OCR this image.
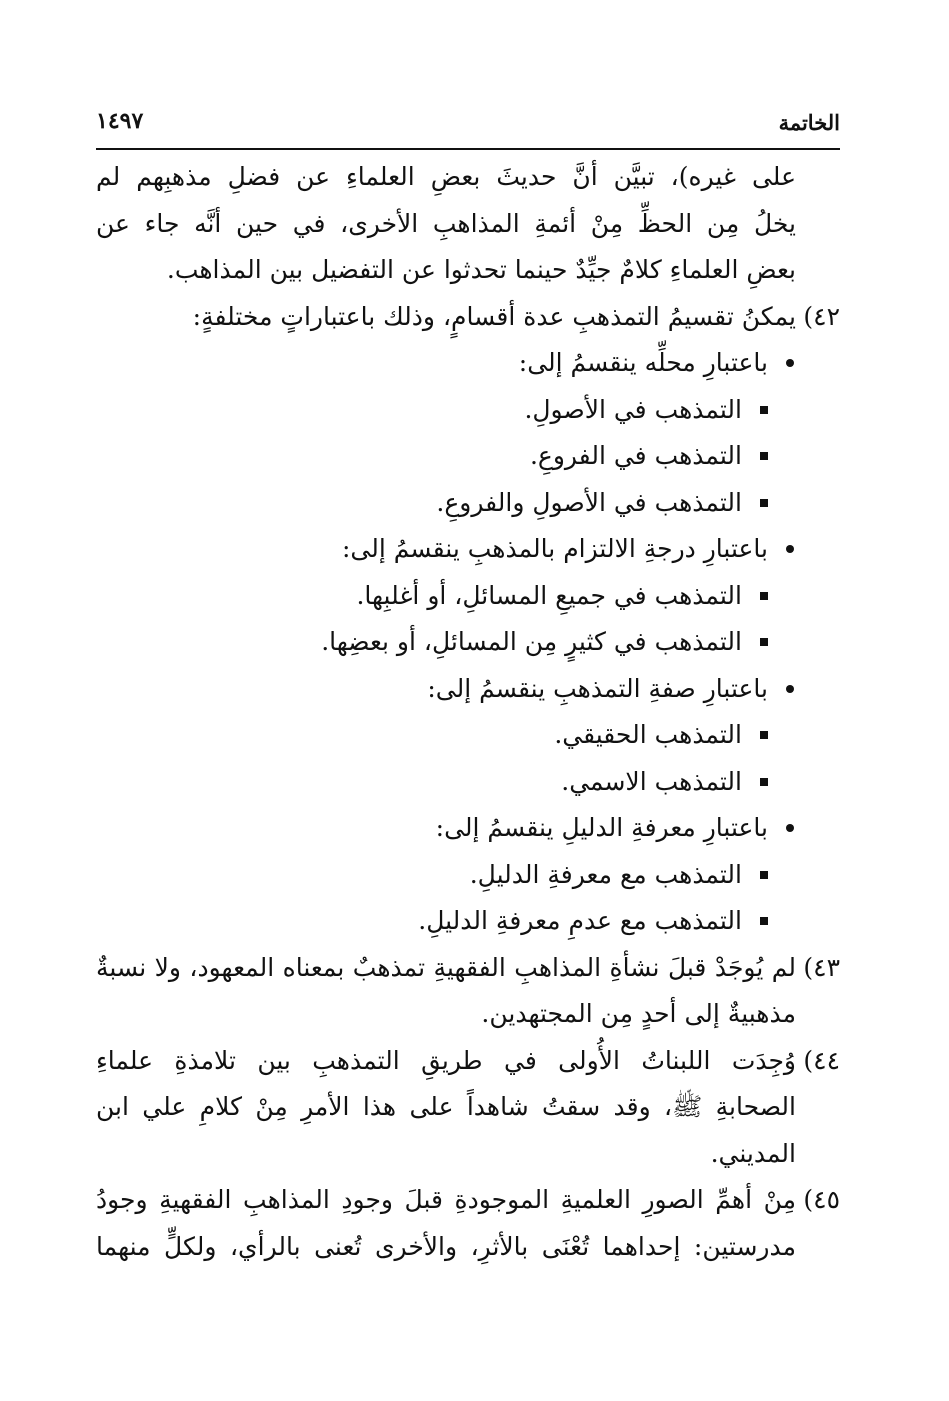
الخاتمة
١٤٩٧

على غيره)، تبيَّن أنَّ حديثَ بعضِ العلماءِ عن فضلِ مذهبِهم لم

يخلُ مِن الحظِّ مِنْ أئمةِ المذاهبِ الأخرى، في حين أنَّه جاء عن

بعضِ العلماءِ كلامٌ جيِّدٌ حينما تحدثوا عن التفضيل بين المذاهب.

٤٢)
يمكنُ تقسيمُ التمذهبِ عدة أقسامٍ، وذلك باعتباراتٍ مختلفةٍ:
باعتبارِ محلِّه ينقسمُ إلى:
التمذهب في الأصولِ.
التمذهب في الفروعِ.
التمذهب في الأصولِ والفروعِ.
باعتبارِ درجةِ الالتزام بالمذهبِ ينقسمُ إلى:
التمذهب في جميعِ المسائلِ، أو أغلبِها.
التمذهب في كثيرٍ مِن المسائلِ، أو بعضِها.
باعتبارِ صفةِ التمذهبِ ينقسمُ إلى:
التمذهب الحقيقي.
التمذهب الاسمي.
باعتبارِ معرفةِ الدليلِ ينقسمُ إلى:
التمذهب مع معرفةِ الدليلِ.
التمذهب مع عدمِ معرفةِ الدليلِ.
٤٣)

لم يُوجَدْ قبلَ نشأةِ المذاهبِ الفقهيةِ تمذهبٌ بمعناه المعهود، ولا نسبةٌ

مذهبيةٌ إلى أحدٍ مِن المجتهدين.

٤٤)

وُجِدَت اللبناتُ الأُولى في طريقِ التمذهبِ بين تلامذةِ علماءِ

الصحابةِ ﷺ، وقد سقتُ شاهداً على هذا الأمرِ مِنْ كلامِ علي ابن

المديني.

٤٥)

مِنْ أهمِّ الصورِ العلميةِ الموجودةِ قبلَ وجودِ المذاهبِ الفقهيةِ وجودُ

مدرستين: إحداهما تُعْنَى بالأثرِ، والأخرى تُعنى بالرأي، ولكلٍّ منهما
